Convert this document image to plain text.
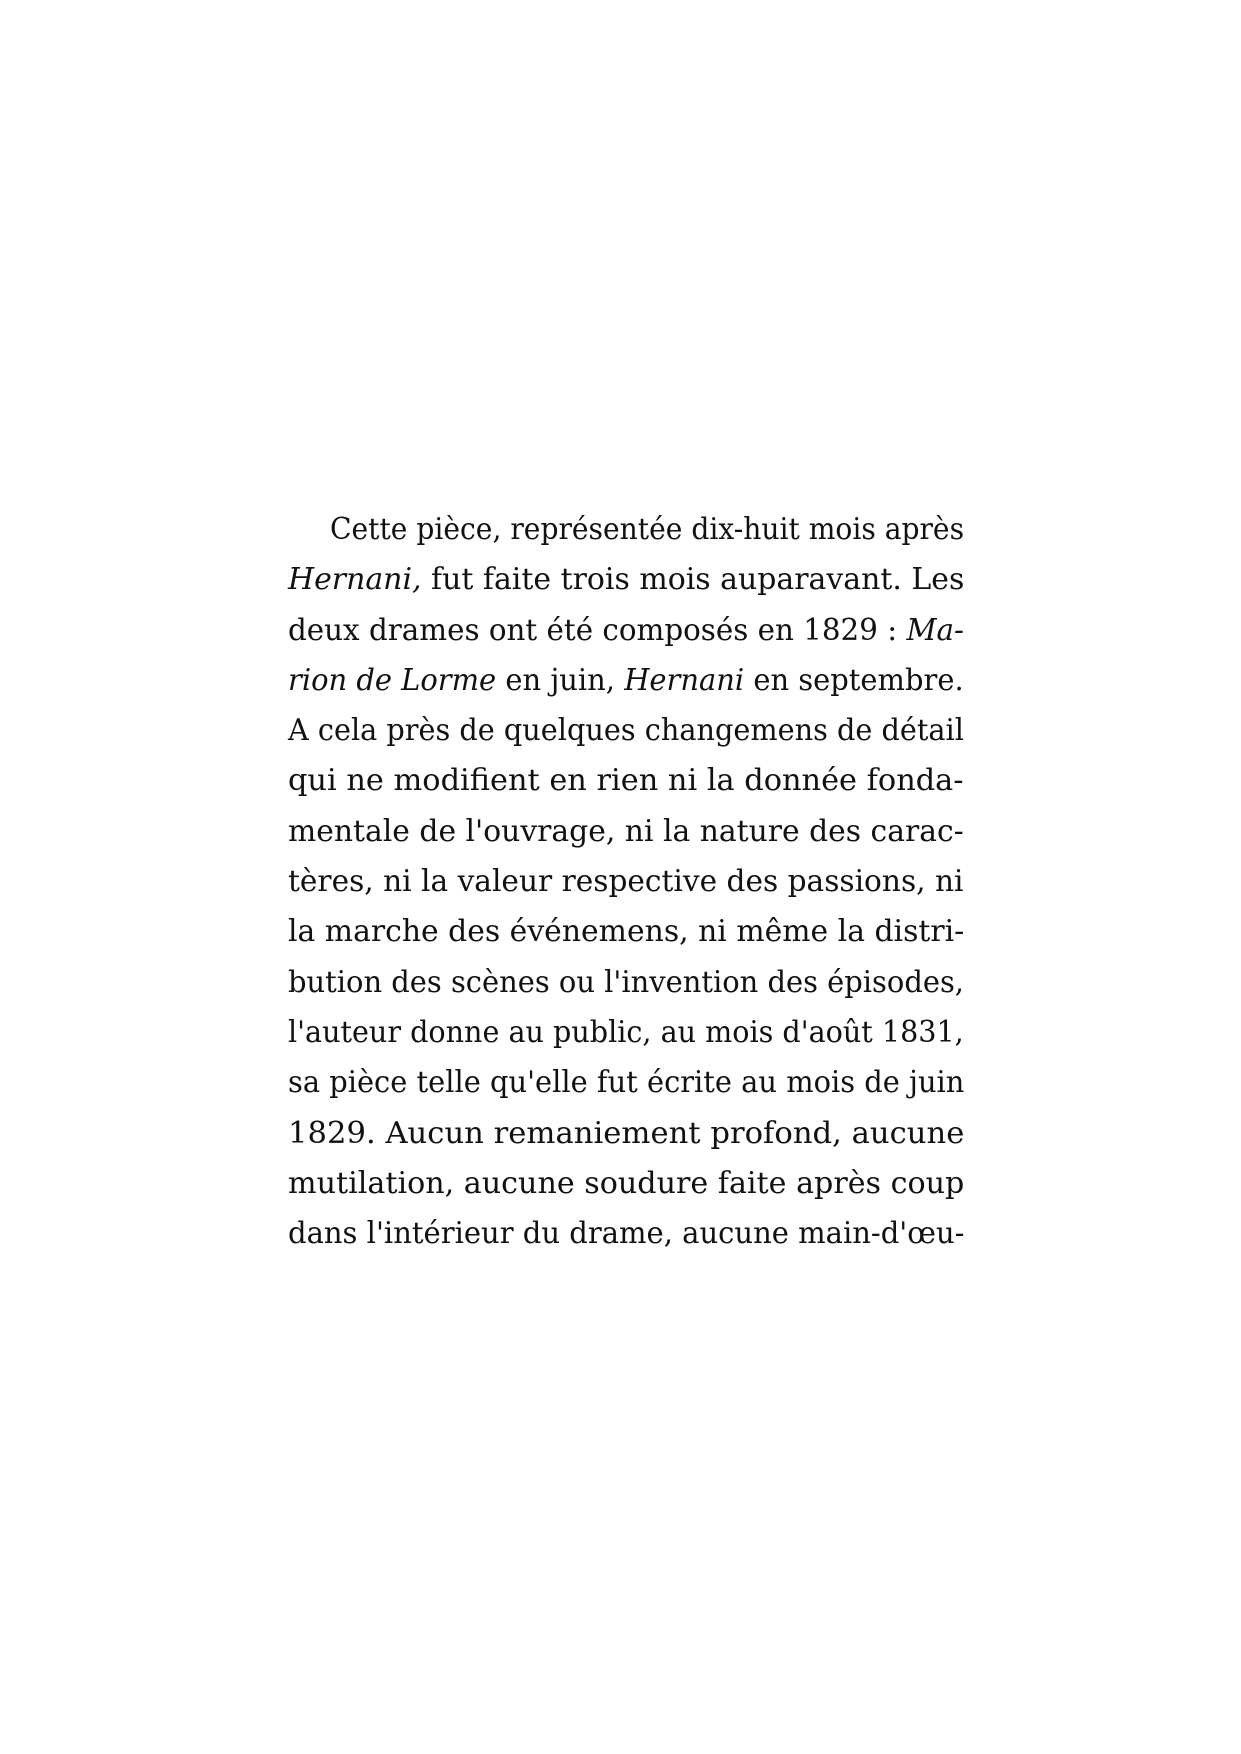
Cette pièce, représentée dix-huit mois après
Hernani, fut faite trois mois auparavant. Les
deux drames ont été composés en 1829 : Ma-
rion de Lorme en juin, Hernani en septembre.
A cela près de quelques changemens de détail
qui ne modifient en rien ni la donnée fonda-
mentale de l'ouvrage, ni la nature des carac-
tères, ni la valeur respective des passions, ni
la marche des événemens, ni même la distri-
bution des scènes ou l'invention des épisodes,
l'auteur donne au public, au mois d'août 1831,
sa pièce telle qu'elle fut écrite au mois de juin
1829. Aucun remaniement profond, aucune
mutilation, aucune soudure faite après coup
dans l'intérieur du drame, aucune main-d'œu-
